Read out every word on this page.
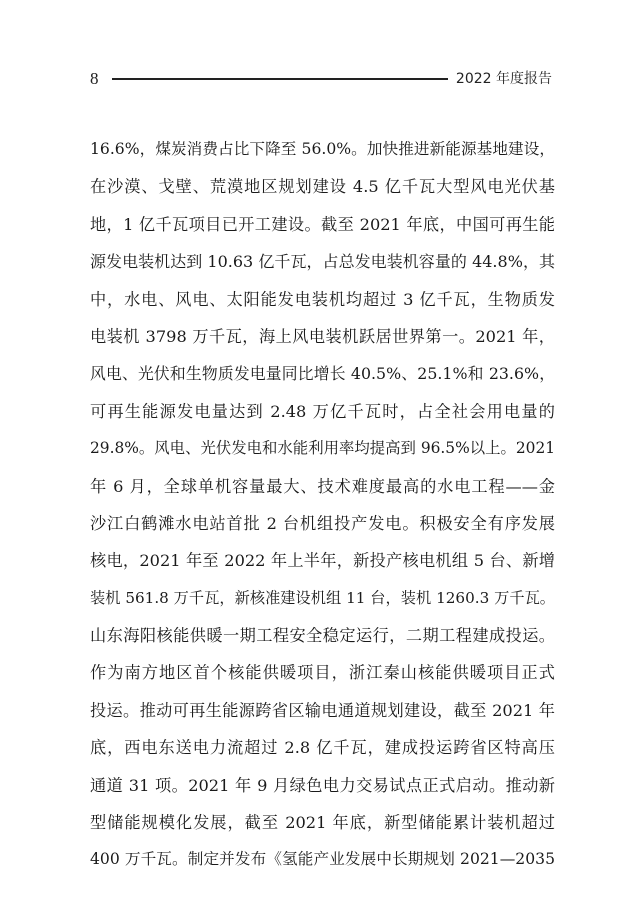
8	2022 年度报告
16.6%，煤炭消费占比下降至 56.0%。加快推进新能源基地建设，
在沙漠、戈壁、荒漠地区规划建设 4.5 亿千瓦大型风电光伏基
地，1 亿千瓦项目已开工建设。截至 2021 年底，中国可再生能
源发电装机达到 10.63 亿千瓦，占总发电装机容量的 44.8%，其
中，水电、风电、太阳能发电装机均超过 3 亿千瓦，生物质发
电装机 3798 万千瓦，海上风电装机跃居世界第一。2021 年，
风电、光伏和生物质发电量同比增长 40.5%、25.1%和 23.6%，
可再生能源发电量达到 2.48 万亿千瓦时，占全社会用电量的
29.8%。风电、光伏发电和水能利用率均提高到 96.5%以上。2021
年 6 月，全球单机容量最大、技术难度最高的水电工程——金
沙江白鹤滩水电站首批 2 台机组投产发电。积极安全有序发展
核电，2021 年至 2022 年上半年，新投产核电机组 5 台、新增
装机 561.8 万千瓦，新核准建设机组 11 台，装机 1260.3 万千瓦。
山东海阳核能供暖一期工程安全稳定运行，二期工程建成投运。
作为南方地区首个核能供暖项目，浙江秦山核能供暖项目正式
投运。推动可再生能源跨省区输电通道规划建设，截至 2021 年
底，西电东送电力流超过 2.8 亿千瓦，建成投运跨省区特高压
通道 31 项。2021 年 9 月绿色电力交易试点正式启动。推动新
型储能规模化发展，截至 2021 年底，新型储能累计装机超过
400 万千瓦。制定并发布《氢能产业发展中长期规划 2021—2035
